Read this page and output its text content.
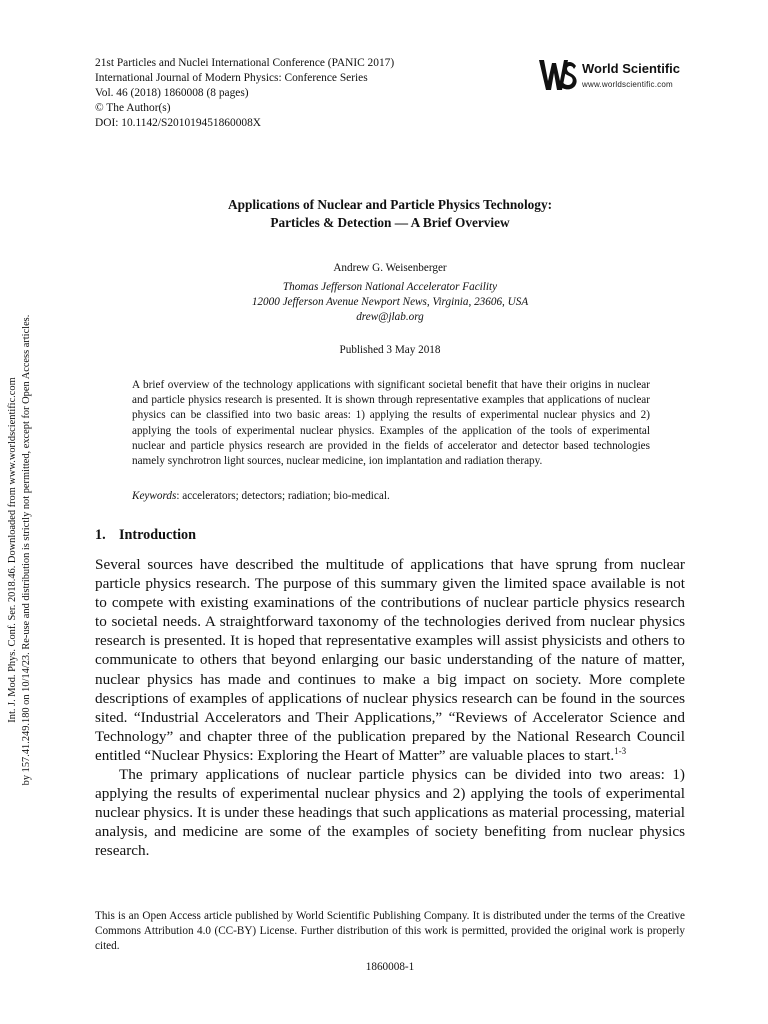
21st Particles and Nuclei International Conference (PANIC 2017)
International Journal of Modern Physics: Conference Series
Vol. 46 (2018) 1860008 (8 pages)
© The Author(s)
DOI: 10.1142/S201019451860008X
World Scientific
www.worldscientific.com
Int. J. Mod. Phys. Conf. Ser. 2018.46. Downloaded from www.worldscientific.com by 157.41.249.180 on 10/14/23. Re-use and distribution is strictly not permitted, except for Open Access articles.
Applications of Nuclear and Particle Physics Technology:
Particles & Detection — A Brief Overview
Andrew G. Weisenberger
Thomas Jefferson National Accelerator Facility
12000 Jefferson Avenue Newport News, Virginia, 23606, USA
drew@jlab.org
Published 3 May 2018
A brief overview of the technology applications with significant societal benefit that have their origins in nuclear and particle physics research is presented. It is shown through representative examples that applications of nuclear physics can be classified into two basic areas: 1) applying the results of experimental nuclear physics and 2) applying the tools of experimental nuclear physics. Examples of the application of the tools of experimental nuclear and particle physics research are provided in the fields of accelerator and detector based technologies namely synchrotron light sources, nuclear medicine, ion implantation and radiation therapy.
Keywords: accelerators; detectors; radiation; bio-medical.
1. Introduction

Several sources have described the multitude of applications that have sprung from nuclear particle physics research. The purpose of this summary given the limited space available is not to compete with existing examinations of the contributions of nuclear particle physics research to societal needs. A straightforward taxonomy of the technologies derived from nuclear physics research is presented. It is hoped that representative examples will assist physicists and others to communicate to others that beyond enlarging our basic understanding of the nature of matter, nuclear physics has made and continues to make a big impact on society. More complete descriptions of examples of applications of nuclear physics research can be found in the sources sited. “Industrial Accelerators and Their Applications,” “Reviews of Accelerator Science and Technology” and chapter three of the publication prepared by the National Research Council entitled “Nuclear Physics: Exploring the Heart of Matter” are valuable places to start.$^{1-3}$

The primary applications of nuclear particle physics can be divided into two areas: 1) applying the results of experimental nuclear physics and 2) applying the tools of experimental nuclear physics. It is under these headings that such applications as material processing, material analysis, and medicine are some of the examples of society benefiting from nuclear physics research.

This is an Open Access article published by World Scientific Publishing Company. It is distributed under the terms of the Creative Commons Attribution 4.0 (CC-BY) License. Further distribution of this work is permitted, provided the original work is properly cited.
1860008-1
